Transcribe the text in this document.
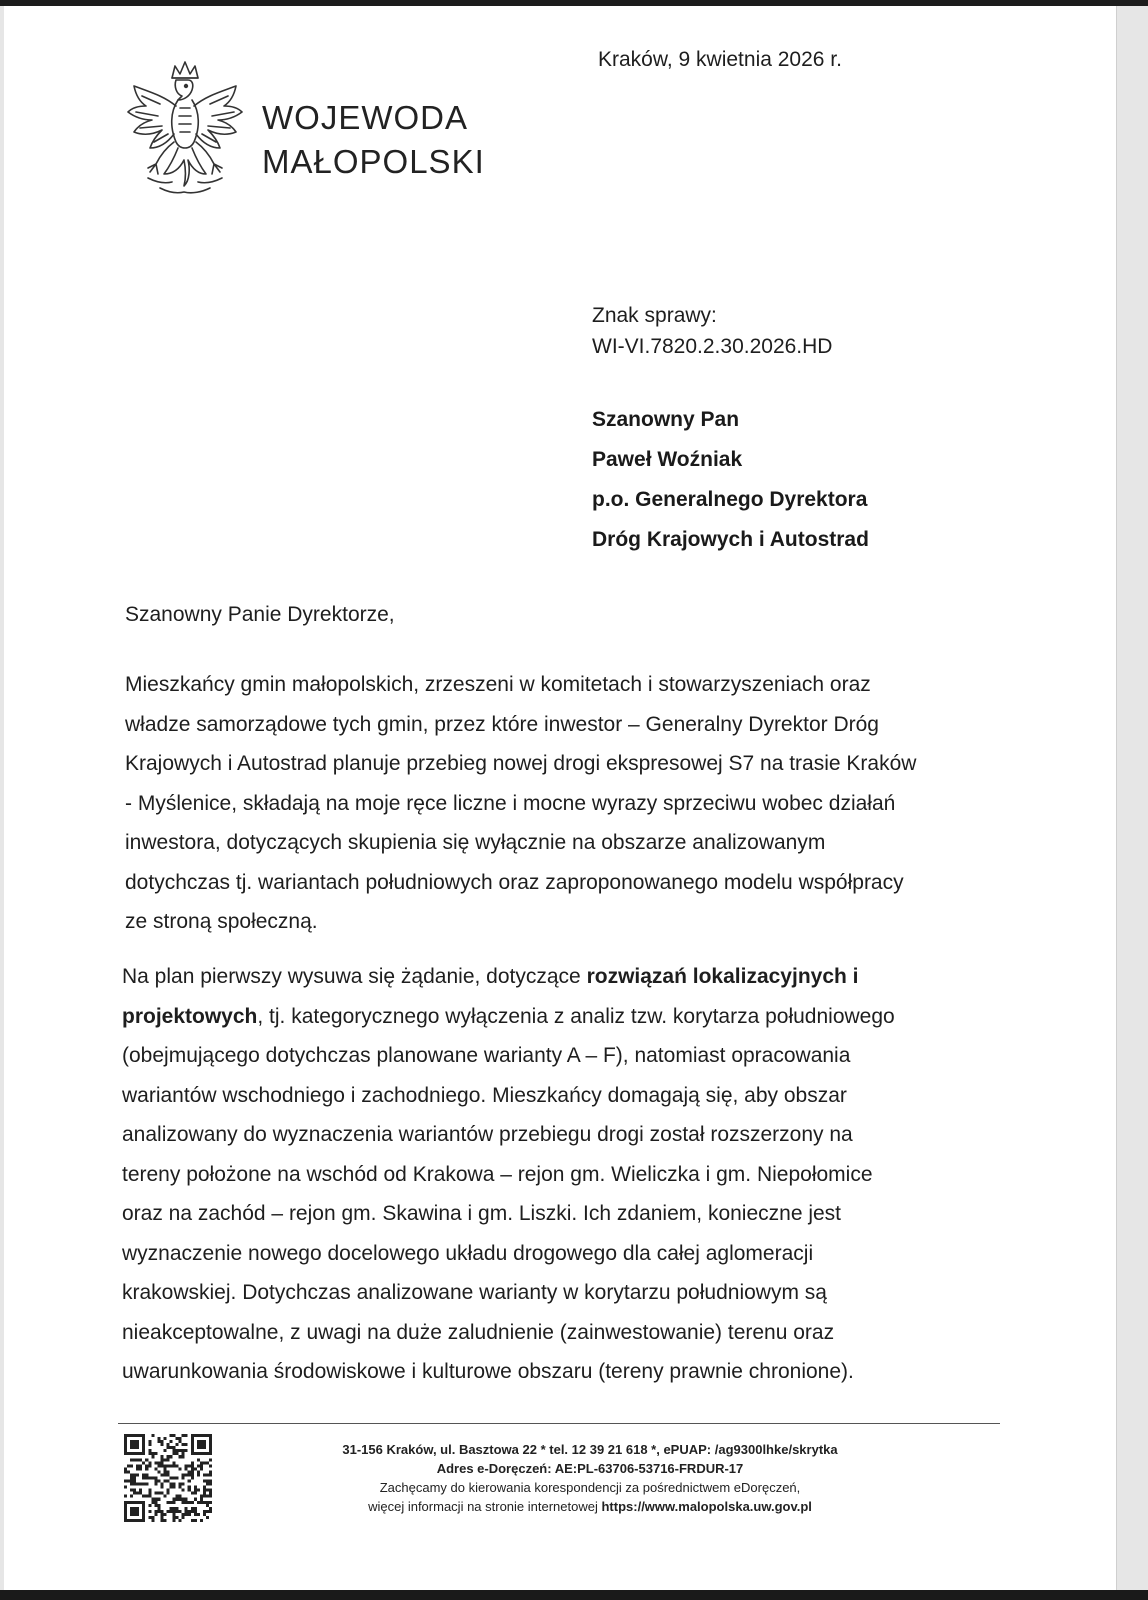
WOJEWODA
MAŁOPOLSKI
Kraków, 9 kwietnia 2026 r.
Znak sprawy:
WI-VI.7820.2.30.2026.HD
Szanowny Pan
Paweł Woźniak
p.o. Generalnego Dyrektora
Dróg Krajowych i Autostrad
Szanowny Panie Dyrektorze,
Mieszkańcy gmin małopolskich, zrzeszeni w komitetach i stowarzyszeniach oraz
władze samorządowe tych gmin, przez które inwestor – Generalny Dyrektor Dróg
Krajowych i Autostrad planuje przebieg nowej drogi ekspresowej S7 na trasie Kraków
- Myślenice, składają na moje ręce liczne i mocne wyrazy sprzeciwu wobec działań
inwestora, dotyczących skupienia się wyłącznie na obszarze analizowanym
dotychczas tj. wariantach południowych oraz zaproponowanego modelu współpracy
ze stroną społeczną.
Na plan pierwszy wysuwa się żądanie, dotyczące rozwiązań lokalizacyjnych i
projektowych, tj. kategorycznego wyłączenia z analiz tzw. korytarza południowego
(obejmującego dotychczas planowane warianty A – F), natomiast opracowania
wariantów wschodniego i zachodniego. Mieszkańcy domagają się, aby obszar
analizowany do wyznaczenia wariantów przebiegu drogi został rozszerzony na
tereny położone na wschód od Krakowa – rejon gm. Wieliczka i gm. Niepołomice
oraz na zachód – rejon gm. Skawina i gm. Liszki. Ich zdaniem, konieczne jest
wyznaczenie nowego docelowego układu drogowego dla całej aglomeracji
krakowskiej. Dotychczas analizowane warianty w korytarzu południowym są
nieakceptowalne, z uwagi na duże zaludnienie (zainwestowanie) terenu oraz
uwarunkowania środowiskowe i kulturowe obszaru (tereny prawnie chronione).
31-156 Kraków, ul. Basztowa 22 * tel. 12 39 21 618 *, ePUAP: /ag9300lhke/skrytka
Adres e-Doręczeń: AE:PL-63706-53716-FRDUR-17
Zachęcamy do kierowania korespondencji za pośrednictwem eDoręczeń,
więcej informacji na stronie internetowej https://www.malopolska.uw.gov.pl
